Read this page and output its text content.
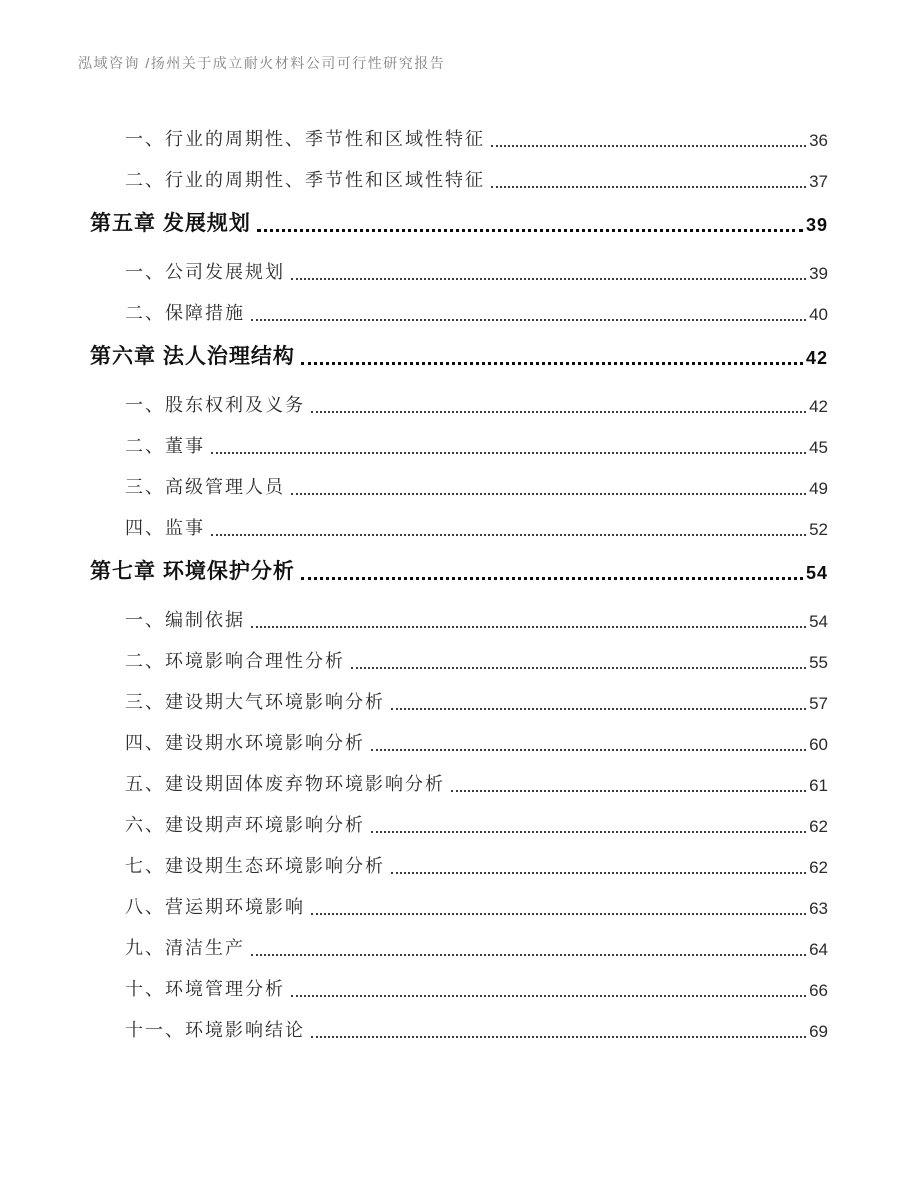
泓域咨询 /扬州关于成立耐火材料公司可行性研究报告
一、行业的周期性、季节性和区域性特征	36
二、行业的周期性、季节性和区域性特征	37
第五章 发展规划	39
一、公司发展规划	39
二、保障措施	40
第六章 法人治理结构	42
一、股东权利及义务	42
二、董事	45
三、高级管理人员	49
四、监事	52
第七章 环境保护分析	54
一、编制依据	54
二、环境影响合理性分析	55
三、建设期大气环境影响分析	57
四、建设期水环境影响分析	60
五、建设期固体废弃物环境影响分析	61
六、建设期声环境影响分析	62
七、建设期生态环境影响分析	62
八、营运期环境影响	63
九、清洁生产	64
十、环境管理分析	66
十一、环境影响结论	69
